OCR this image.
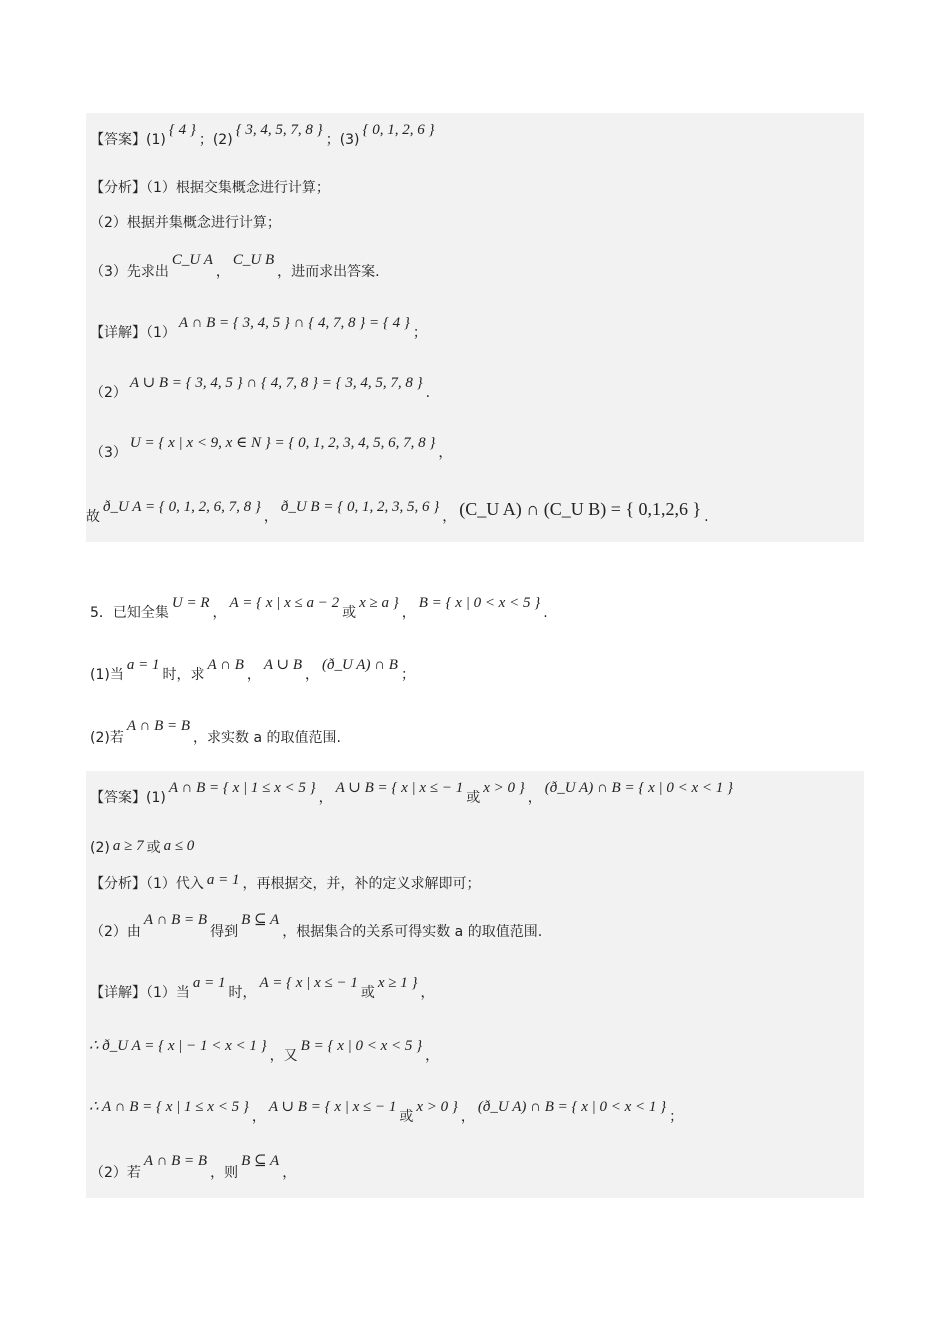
【答案】(1){ 4 }；(2){ 3, 4, 5, 7, 8 }；(3){ 0, 1, 2, 6 }
【分析】（1）根据交集概念进行计算；
（2）根据并集概念进行计算；
（3）先求出C_U A，C_U B，进而求出答案.
【详解】（1）A ∩ B = { 3, 4, 5 } ∩ { 4, 7, 8 } = { 4 }；
（2）A ∪ B = { 3, 4, 5 } ∩ { 4, 7, 8 } = { 3, 4, 5, 7, 8 }.
（3）U = { x | x < 9, x ∈ N } = { 0, 1, 2, 3, 4, 5, 6, 7, 8 }，
故ð_U A = { 0, 1, 2, 6, 7, 8 }，ð_U B = { 0, 1, 2, 3, 5, 6 }， (C_U A) ∩ (C_U B) = { 0,1,2,6 } .
5．已知全集U = R，A = { x | x ≤ a − 2或x ≥ a }，B = { x | 0 < x < 5 }.
(1)当a = 1时，求A ∩ B，A ∪ B，(ð_U A) ∩ B；
(2)若A ∩ B = B，求实数 a 的取值范围.
【答案】(1)A ∩ B = { x | 1 ≤ x < 5 }，A ∪ B = { x | x ≤ − 1或x > 0 }，(ð_U A) ∩ B = { x | 0 < x < 1 }
(2) a ≥ 7 或 a ≤ 0
【分析】（1）代入 a = 1 ，再根据交，并，补的定义求解即可；
（2）由A ∩ B = B得到B ⊆ A，根据集合的关系可得实数 a 的取值范围.
【详解】（1）当a = 1时，A = { x | x ≤ − 1或x ≥ 1 }，
∴ ð_U A = { x | − 1 < x < 1 }，又B = { x | 0 < x < 5 }，
∴ A ∩ B = { x | 1 ≤ x < 5 }，A ∪ B = { x | x ≤ − 1或x > 0 }，(ð_U A) ∩ B = { x | 0 < x < 1 }；
（2）若A ∩ B = B，则B ⊆ A，
